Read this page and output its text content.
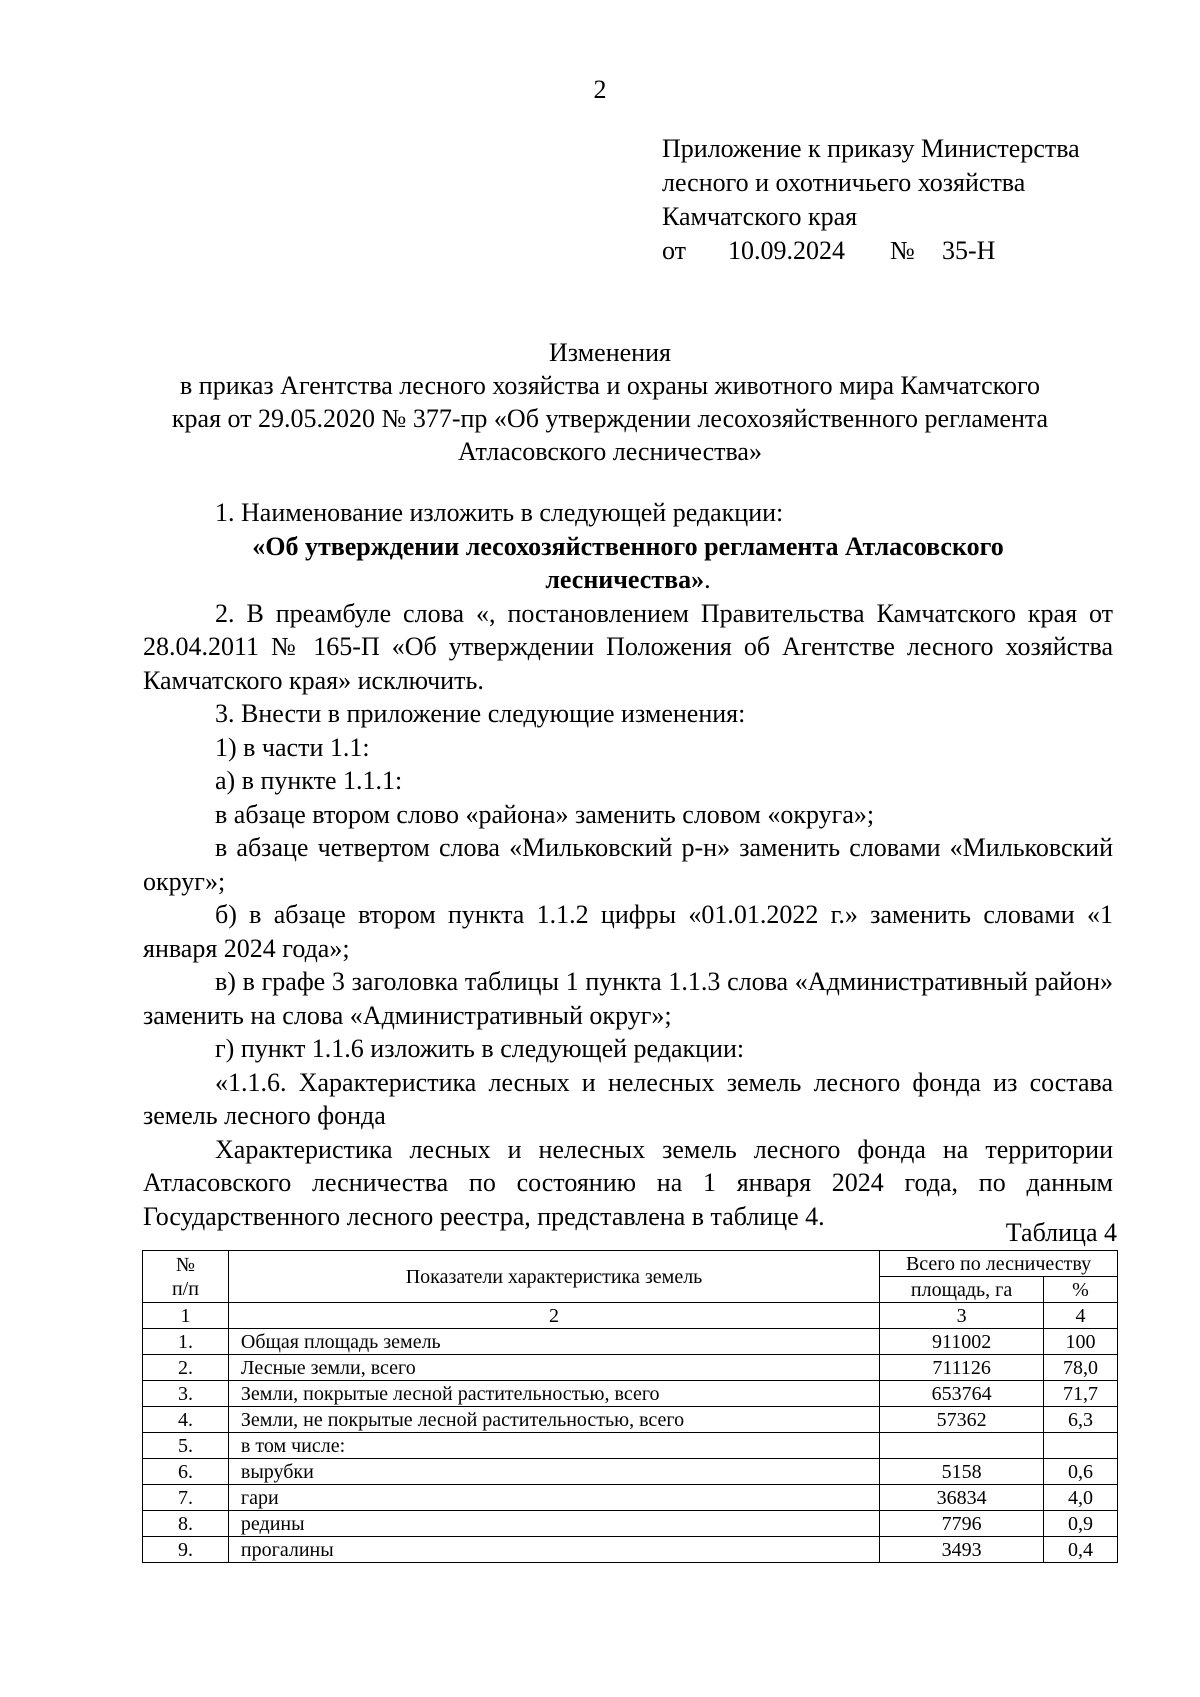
2
Приложение к приказу Министерства
лесного и охотничьего хозяйства
Камчатского края
от 10.09.2024 № 35-Н
Изменения
в приказ Агентства лесного хозяйства и охраны животного мира Камчатского
края от 29.05.2020 № 377-пр «Об утверждении лесохозяйственного регламента
Атласовского лесничества»

1. Наименование изложить в следующей редакции:

«Об утверждении лесохозяйственного регламента Атласовского лесничества».

2. В преамбуле слова «, постановлением Правительства Камчатского края от 28.04.2011 № 165-П «Об утверждении Положения об Агентстве лесного хозяйства Камчатского края» исключить.

3. Внести в приложение следующие изменения:

1) в части 1.1:

а) в пункте 1.1.1:

в абзаце втором слово «района» заменить словом «округа»;

в абзаце четвертом слова «Мильковский р-н» заменить словами «Мильковский округ»;

б) в абзаце втором пункта 1.1.2 цифры «01.01.2022 г.» заменить словами «1 января 2024 года»;

в) в графе 3 заголовка таблицы 1 пункта 1.1.3 слова «Административный район» заменить на слова «Административный округ»;

г) пункт 1.1.6 изложить в следующей редакции:

«1.1.6. Характеристика лесных и нелесных земель лесного фонда из состава земель лесного фонда

Характеристика лесных и нелесных земель лесного фонда на территории Атласовского лесничества по состоянию на 1 января 2024 года, по данным Государственного лесного реестра, представлена в таблице 4.

Таблица 4
№
п/п	Показатели характеристика земель	Всего по лесничеству	
		площадь, га	%
1	2	3	4
1.	Общая площадь земель	911002	100
2.	Лесные земли, всего	711126	78,0
3.	Земли, покрытые лесной растительностью, всего	653764	71,7
4.	Земли, не покрытые лесной растительностью, всего	57362	6,3
5.	в том числе:		
6.	вырубки	5158	0,6
7.	гари	36834	4,0
8.	редины	7796	0,9
9.	прогалины	3493	0,4
